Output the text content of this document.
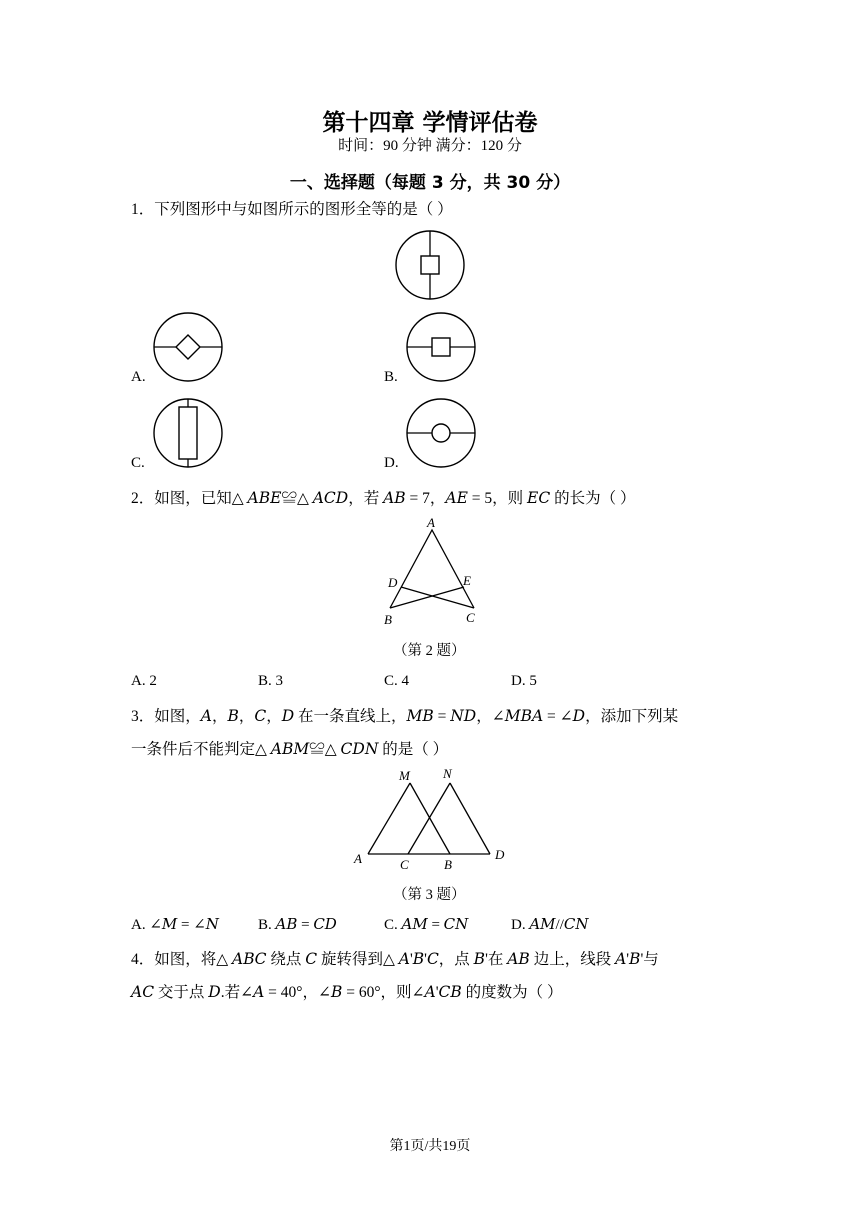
第十四章 学情评估卷
时间：90 分钟 满分：120 分
一、选择题（每题 3 分，共 30 分）
1．下列图形中与如图所示的图形全等的是（ ）
A.	B.
C.	D.
2．如图，已知△ 𝐴𝐵𝐸≌△ 𝐴𝐶𝐷，若 𝐴𝐵 = 7，𝐴𝐸 = 5，则 𝐸𝐶 的长为（ ）
A
D	E
B	C
（第 2 题）
A. 2	B. 3	C. 4	D. 5
3．如图，𝐴，𝐵，𝐶，𝐷 在一条直线上，𝑀𝐵 = 𝑁𝐷，∠𝑀𝐵𝐴 = ∠𝐷，添加下列某
一条件后不能判定△ 𝐴𝐵𝑀≌△ 𝐶𝐷𝑁 的是（ ）
M	N
A	C	B
D
（第 3 题）
A. ∠𝑀 = ∠𝑁	B. 𝐴𝐵 = 𝐶𝐷	C. 𝐴𝑀 = 𝐶𝑁	D. 𝐴𝑀//𝐶𝑁
4．如图，将△ 𝐴𝐵𝐶 绕点 𝐶 旋转得到△ 𝐴'𝐵'𝐶，点 𝐵'在 𝐴𝐵 边上，线段 𝐴'𝐵'与
𝐴𝐶 交于点 𝐷.若∠𝐴 = 40°，∠𝐵 = 60°，则∠𝐴'𝐶𝐵 的度数为（ ）
第1页/共19页
